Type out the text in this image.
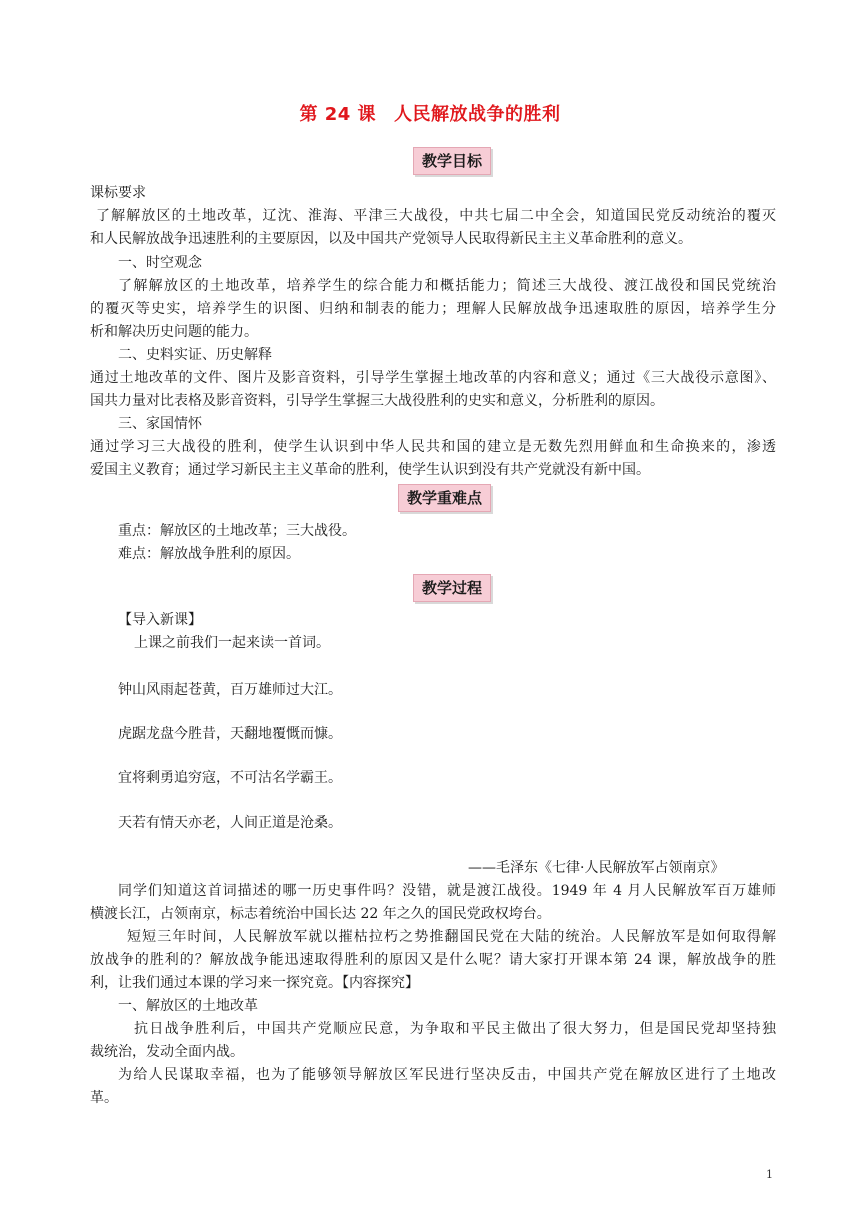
第 24 课 人民解放战争的胜利
教学目标
课标要求
了解解放区的土地改革，辽沈、淮海、平津三大战役，中共七届二中全会，知道国民党反动统治的覆灭
和人民解放战争迅速胜利的主要原因，以及中国共产党领导人民取得新民主主义革命胜利的意义。
一、时空观念
了解解放区的土地改革，培养学生的综合能力和概括能力；简述三大战役、渡江战役和国民党统治
的覆灭等史实，培养学生的识图、归纳和制表的能力；理解人民解放战争迅速取胜的原因，培养学生分
析和解决历史问题的能力。
二、史料实证、历史解释
通过土地改革的文件、图片及影音资料，引导学生掌握土地改革的内容和意义；通过《三大战役示意图》、
国共力量对比表格及影音资料，引导学生掌握三大战役胜利的史实和意义，分析胜利的原因。
三、家国情怀
通过学习三大战役的胜利，使学生认识到中华人民共和国的建立是无数先烈用鲜血和生命换来的，渗透
爱国主义教育；通过学习新民主主义革命的胜利，使学生认识到没有共产党就没有新中国。
教学重难点
重点：解放区的土地改革；三大战役。
难点：解放战争胜利的原因。
教学过程
【导入新课】
上课之前我们一起来读一首词。
钟山风雨起苍黄，百万雄师过大江。
虎踞龙盘今胜昔，天翻地覆慨而慷。
宜将剩勇追穷寇，不可沽名学霸王。
天若有情天亦老，人间正道是沧桑。
——毛泽东《七律·人民解放军占领南京》
同学们知道这首词描述的哪一历史事件吗？没错，就是渡江战役。1949 年 4 月人民解放军百万雄师
横渡长江，占领南京，标志着统治中国长达 22 年之久的国民党政权垮台。
短短三年时间，人民解放军就以摧枯拉朽之势推翻国民党在大陆的统治。人民解放军是如何取得解
放战争的胜利的？解放战争能迅速取得胜利的原因又是什么呢？请大家打开课本第 24 课，解放战争的胜
利，让我们通过本课的学习来一探究竟。【内容探究】
一、解放区的土地改革
抗日战争胜利后，中国共产党顺应民意，为争取和平民主做出了很大努力，但是国民党却坚持独
裁统治，发动全面内战。
为给人民谋取幸福，也为了能够领导解放区军民进行坚决反击，中国共产党在解放区进行了土地改
革。
1
